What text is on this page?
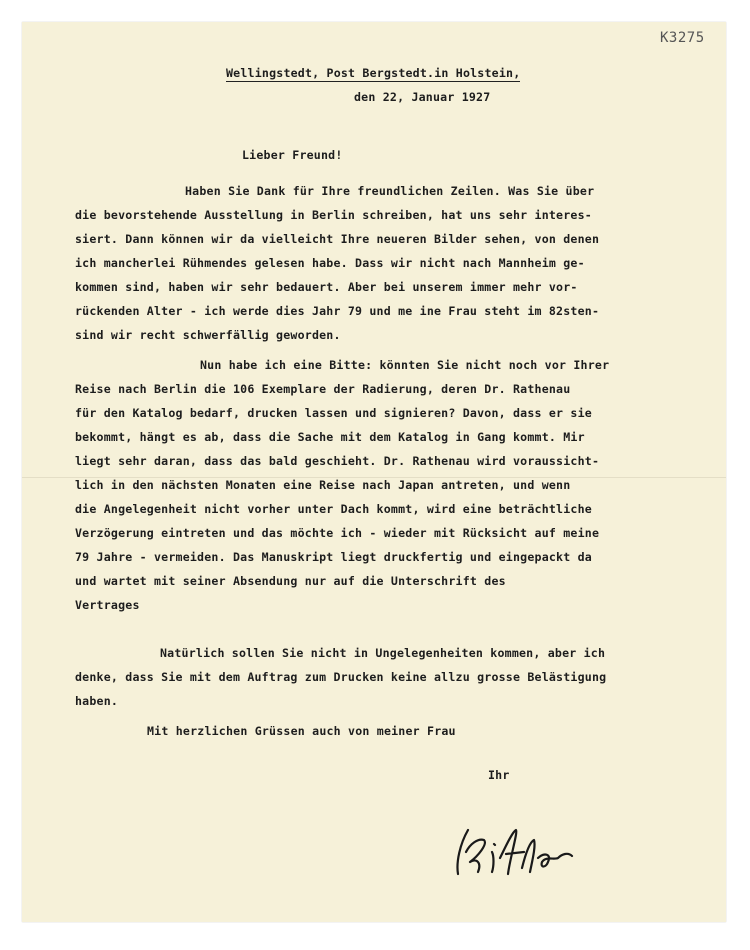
K3275
Wellingstedt, Post Bergstedt.in Holstein,
den 22, Januar 1927
Lieber Freund!
Haben Sie Dank für Ihre freundlichen Zeilen. Was Sie über
die bevorstehende Ausstellung in Berlin schreiben, hat uns sehr interes-
siert. Dann können wir da vielleicht Ihre neueren Bilder sehen, von denen
ich mancherlei Rühmendes gelesen habe. Dass wir nicht nach Mannheim ge-
kommen sind, haben wir sehr bedauert. Aber bei unserem immer mehr vor-
rückenden Alter - ich werde dies Jahr 79 und me ine Frau steht im 82sten-
sind wir recht schwerfällig geworden.
Nun habe ich eine Bitte: könnten Sie nicht noch vor Ihrer
Reise nach Berlin die 106 Exemplare der Radierung, deren Dr. Rathenau
für den Katalog bedarf, drucken lassen und signieren? Davon, dass er sie
bekommt, hängt es ab, dass die Sache mit dem Katalog in Gang kommt. Mir
liegt sehr daran, dass das bald geschieht. Dr. Rathenau wird voraussicht-
lich in den nächsten Monaten eine Reise nach Japan antreten, und wenn
die Angelegenheit nicht vorher unter Dach kommt, wird eine beträchtliche
Verzögerung eintreten und das möchte ich - wieder mit Rücksicht auf meine
79 Jahre - vermeiden. Das Manuskript liegt druckfertig und eingepackt da
und wartet mit seiner Absendung nur auf die Unterschrift des
Vertrages
Natürlich sollen Sie nicht in Ungelegenheiten kommen, aber ich
denke, dass Sie mit dem Auftrag zum Drucken keine allzu grosse Belästigung
haben.
Mit herzlichen Grüssen auch von meiner Frau
Ihr
